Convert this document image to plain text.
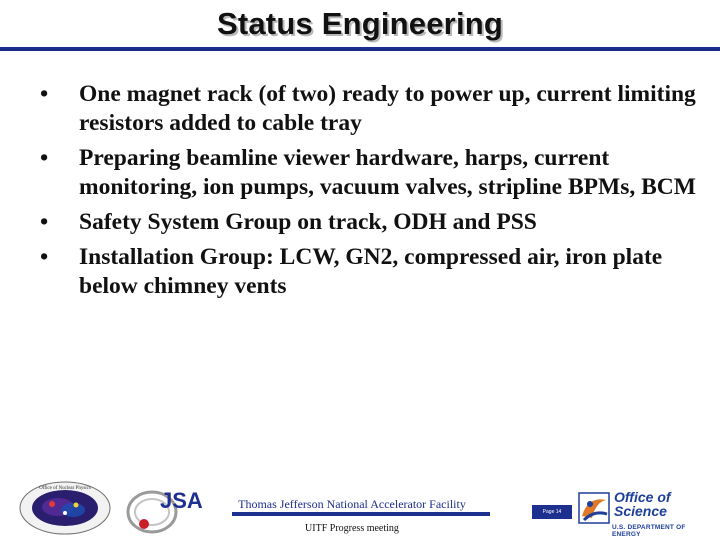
Status Engineering
• One magnet rack (of two) ready to power up, current limiting resistors added to cable tray
• Preparing beamline viewer hardware, harps, current monitoring, ion pumps, vacuum valves, stripline BPMs, BCM
• Safety System Group on track, ODH and PSS
• Installation Group: LCW, GN2, compressed air, iron plate below chimney vents
Office of Nuclear Physics	JSA	Thomas Jefferson National Accelerator Facility
UITF Progress meeting
Page 14
Office of
Science
U.S. DEPARTMENT OF ENERGY
